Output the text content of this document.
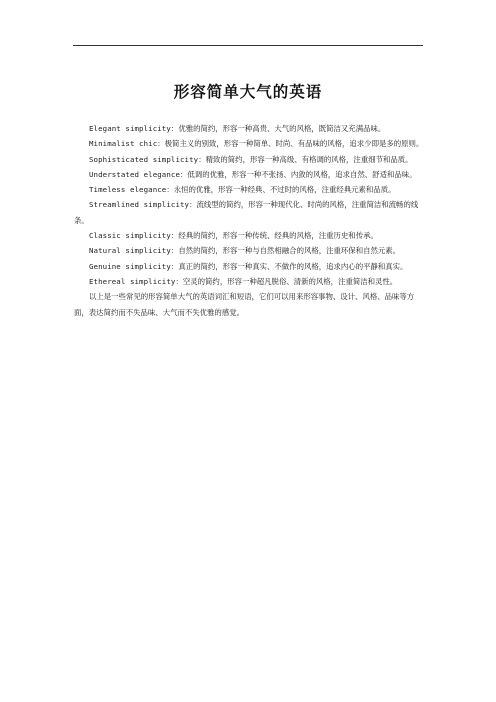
形容简单大气的英语

Elegant simplicity：优雅的简约，形容一种高贵、大气的风格，既简洁又充满品味。

Minimalist chic：极简主义的别致，形容一种简单、时尚、有品味的风格，追求少即是多的原则。

Sophisticated simplicity：精致的简约，形容一种高级、有格调的风格，注重细节和品质。

Understated elegance：低调的优雅，形容一种不张扬、内敛的风格，追求自然、舒适和品味。

Timeless elegance：永恒的优雅，形容一种经典、不过时的风格，注重经典元素和品质。

Streamlined simplicity：流线型的简约，形容一种现代化、时尚的风格，注重简洁和流畅的线条。

Classic simplicity：经典的简约，形容一种传统、经典的风格，注重历史和传承。

Natural simplicity：自然的简约，形容一种与自然相融合的风格，注重环保和自然元素。

Genuine simplicity：真正的简约，形容一种真实、不做作的风格，追求内心的平静和真实。

Ethereal simplicity：空灵的简约，形容一种超凡脱俗、清新的风格，注重简洁和灵性。

以上是一些常见的形容简单大气的英语词汇和短语，它们可以用来形容事物、设计、风格、品味等方面，表达简约而不失品味、大气而不失优雅的感觉。
